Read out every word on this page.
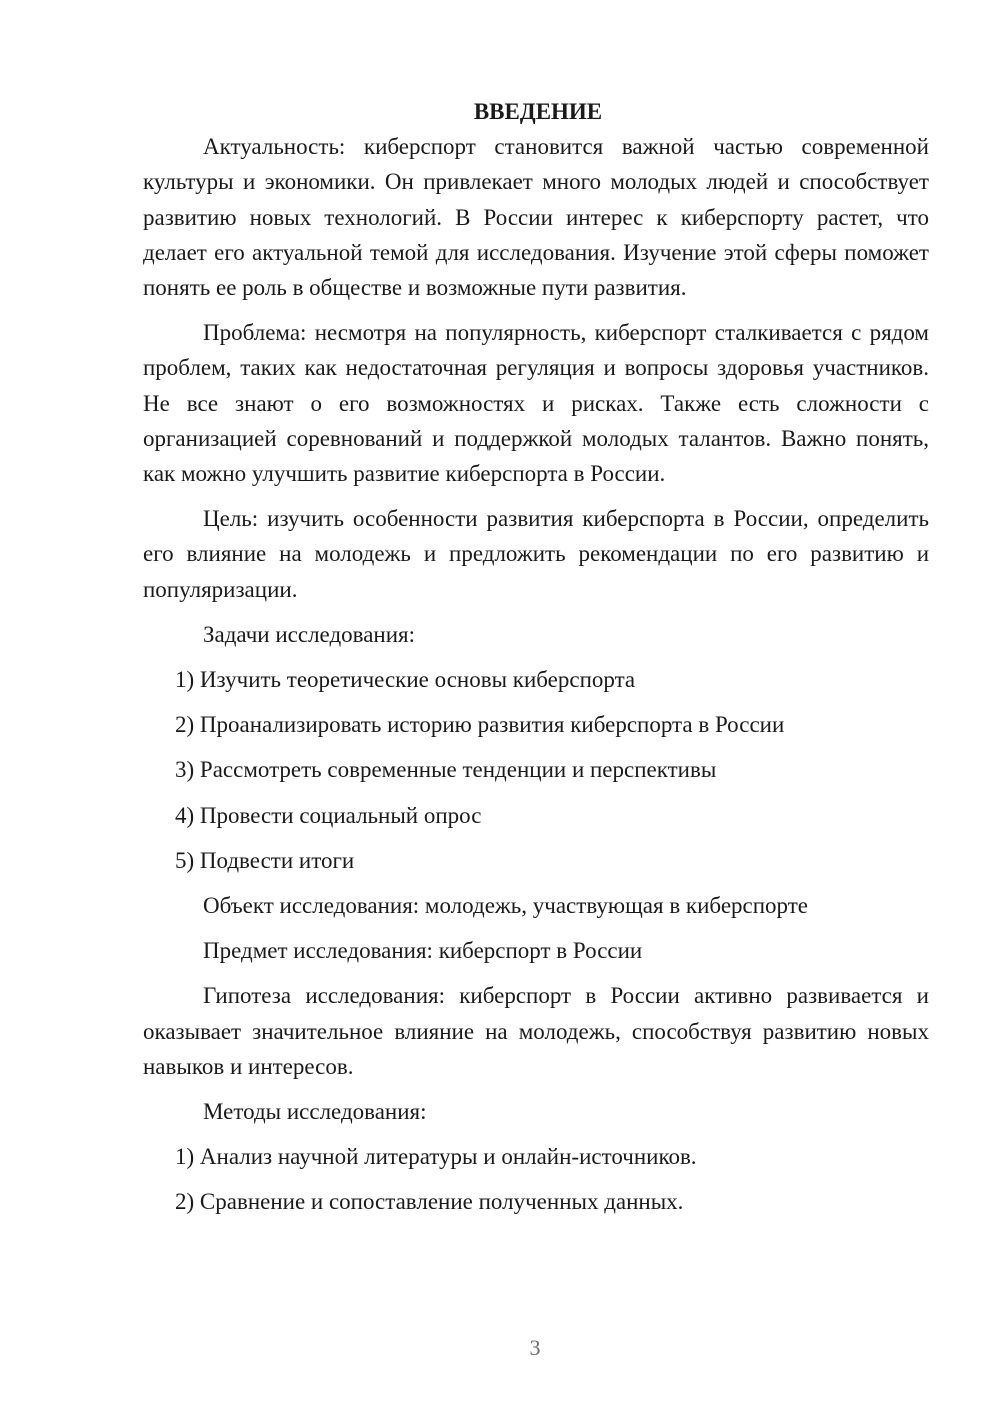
ВВЕДЕНИЕ
Актуальность: киберспорт становится важной частью современной культуры и экономики. Он привлекает много молодых людей и способствует развитию новых технологий. В России интерес к киберспорту растет, что делает его актуальной темой для исследования. Изучение этой сферы поможет понять ее роль в обществе и возможные пути развития.
Проблема: несмотря на популярность, киберспорт сталкивается с рядом проблем, таких как недостаточная регуляция и вопросы здоровья участников. Не все знают о его возможностях и рисках. Также есть сложности с организацией соревнований и поддержкой молодых талантов. Важно понять, как можно улучшить развитие киберспорта в России.
Цель: изучить особенности развития киберспорта в России, определить его влияние на молодежь и предложить рекомендации по его развитию и популяризации.
Задачи исследования:
1) Изучить теоретические основы киберспорта
2) Проанализировать историю развития киберспорта в России
3) Рассмотреть современные тенденции и перспективы
4) Провести социальный опрос
5) Подвести итоги
Объект исследования: молодежь, участвующая в киберспорте
Предмет исследования: киберспорт в России
Гипотеза исследования: киберспорт в России активно развивается и оказывает значительное влияние на молодежь, способствуя развитию новых навыков и интересов.
Методы исследования:
1) Анализ научной литературы и онлайн-источников.
2) Сравнение и сопоставление полученных данных.
3
